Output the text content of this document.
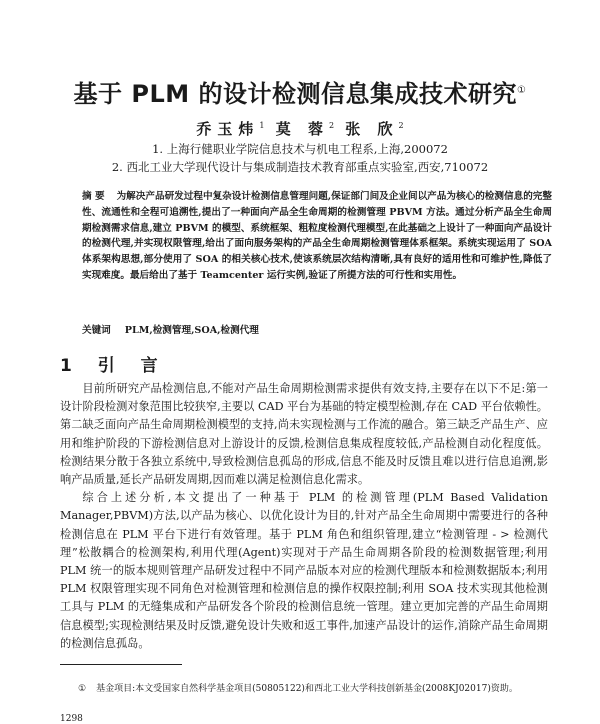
基于 PLM 的设计检测信息集成技术研究①
乔玉炜$^1$ 莫 蓉$^2$ 张 欣$^2$
1. 上海行健职业学院信息技术与机电工程系,上海,200072
2. 西北工业大学现代设计与集成制造技术教育部重点实验室,西安,710072
摘 要 为解决产品研发过程中复杂设计检测信息管理问题,保证部门间及企业间以产品为核心的检测信息的完整性、流通性和全程可追溯性,提出了一种面向产品全生命周期的检测管理 PBVM 方法。通过分析产品全生命周期检测需求信息,建立 PBVM 的模型、系统框架、粗粒度检测代理模型,在此基础之上设计了一种面向产品设计的检测代理,并实现权限管理,给出了面向服务架构的产品全生命周期检测管理体系框架。系统实现运用了 SOA 体系架构思想,部分使用了 SOA 的相关核心技术,使该系统层次结构清晰,具有良好的适用性和可维护性,降低了实现难度。最后给出了基于 Teamcenter 运行实例,验证了所提方法的可行性和实用性。
关键词 PLM,检测管理,SOA,检测代理
1 引 言

目前所研究产品检测信息,不能对产品生命周期检测需求提供有效支持,主要存在以下不足:第一设计阶段检测对象范围比较狭窄,主要以 CAD 平台为基础的特定模型检测,存在 CAD 平台依赖性。第二缺乏面向产品生命周期检测模型的支持,尚未实现检测与工作流的融合。第三缺乏产品生产、应用和维护阶段的下游检测信息对上游设计的反馈,检测信息集成程度较低,产品检测自动化程度低。检测结果分散于各独立系统中,导致检测信息孤岛的形成,信息不能及时反馈且难以进行信息追溯,影响产品质量,延长产品研发周期,因而难以满足检测信息化需求。

综合上述分析,本文提出了一种基于 PLM 的检测管理(PLM Based Validation Manager,PBVM)方法,以产品为核心、以优化设计为目的,针对产品全生命周期中需要进行的各种检测信息在 PLM 平台下进行有效管理。基于 PLM 角色和组织管理,建立“检测管理 - > 检测代理”松散耦合的检测架构,利用代理(Agent)实现对于产品生命周期各阶段的检测数据管理;利用 PLM 统一的版本规则管理产品研发过程中不同产品版本对应的检测代理版本和检测数据版本;利用 PLM 权限管理实现不同角色对检测管理和检测信息的操作权限控制;利用 SOA 技术实现其他检测工具与 PLM 的无缝集成和产品研发各个阶段的检测信息统一管理。建立更加完善的产品生命周期信息模型;实现检测结果及时反馈,避免设计失败和返工事件,加速产品设计的运作,消除产品生命周期的检测信息孤岛。

① 基金项目:本文受国家自然科学基金项目(50805122)和西北工业大学科技创新基金(2008KJ02017)资助。
1298
